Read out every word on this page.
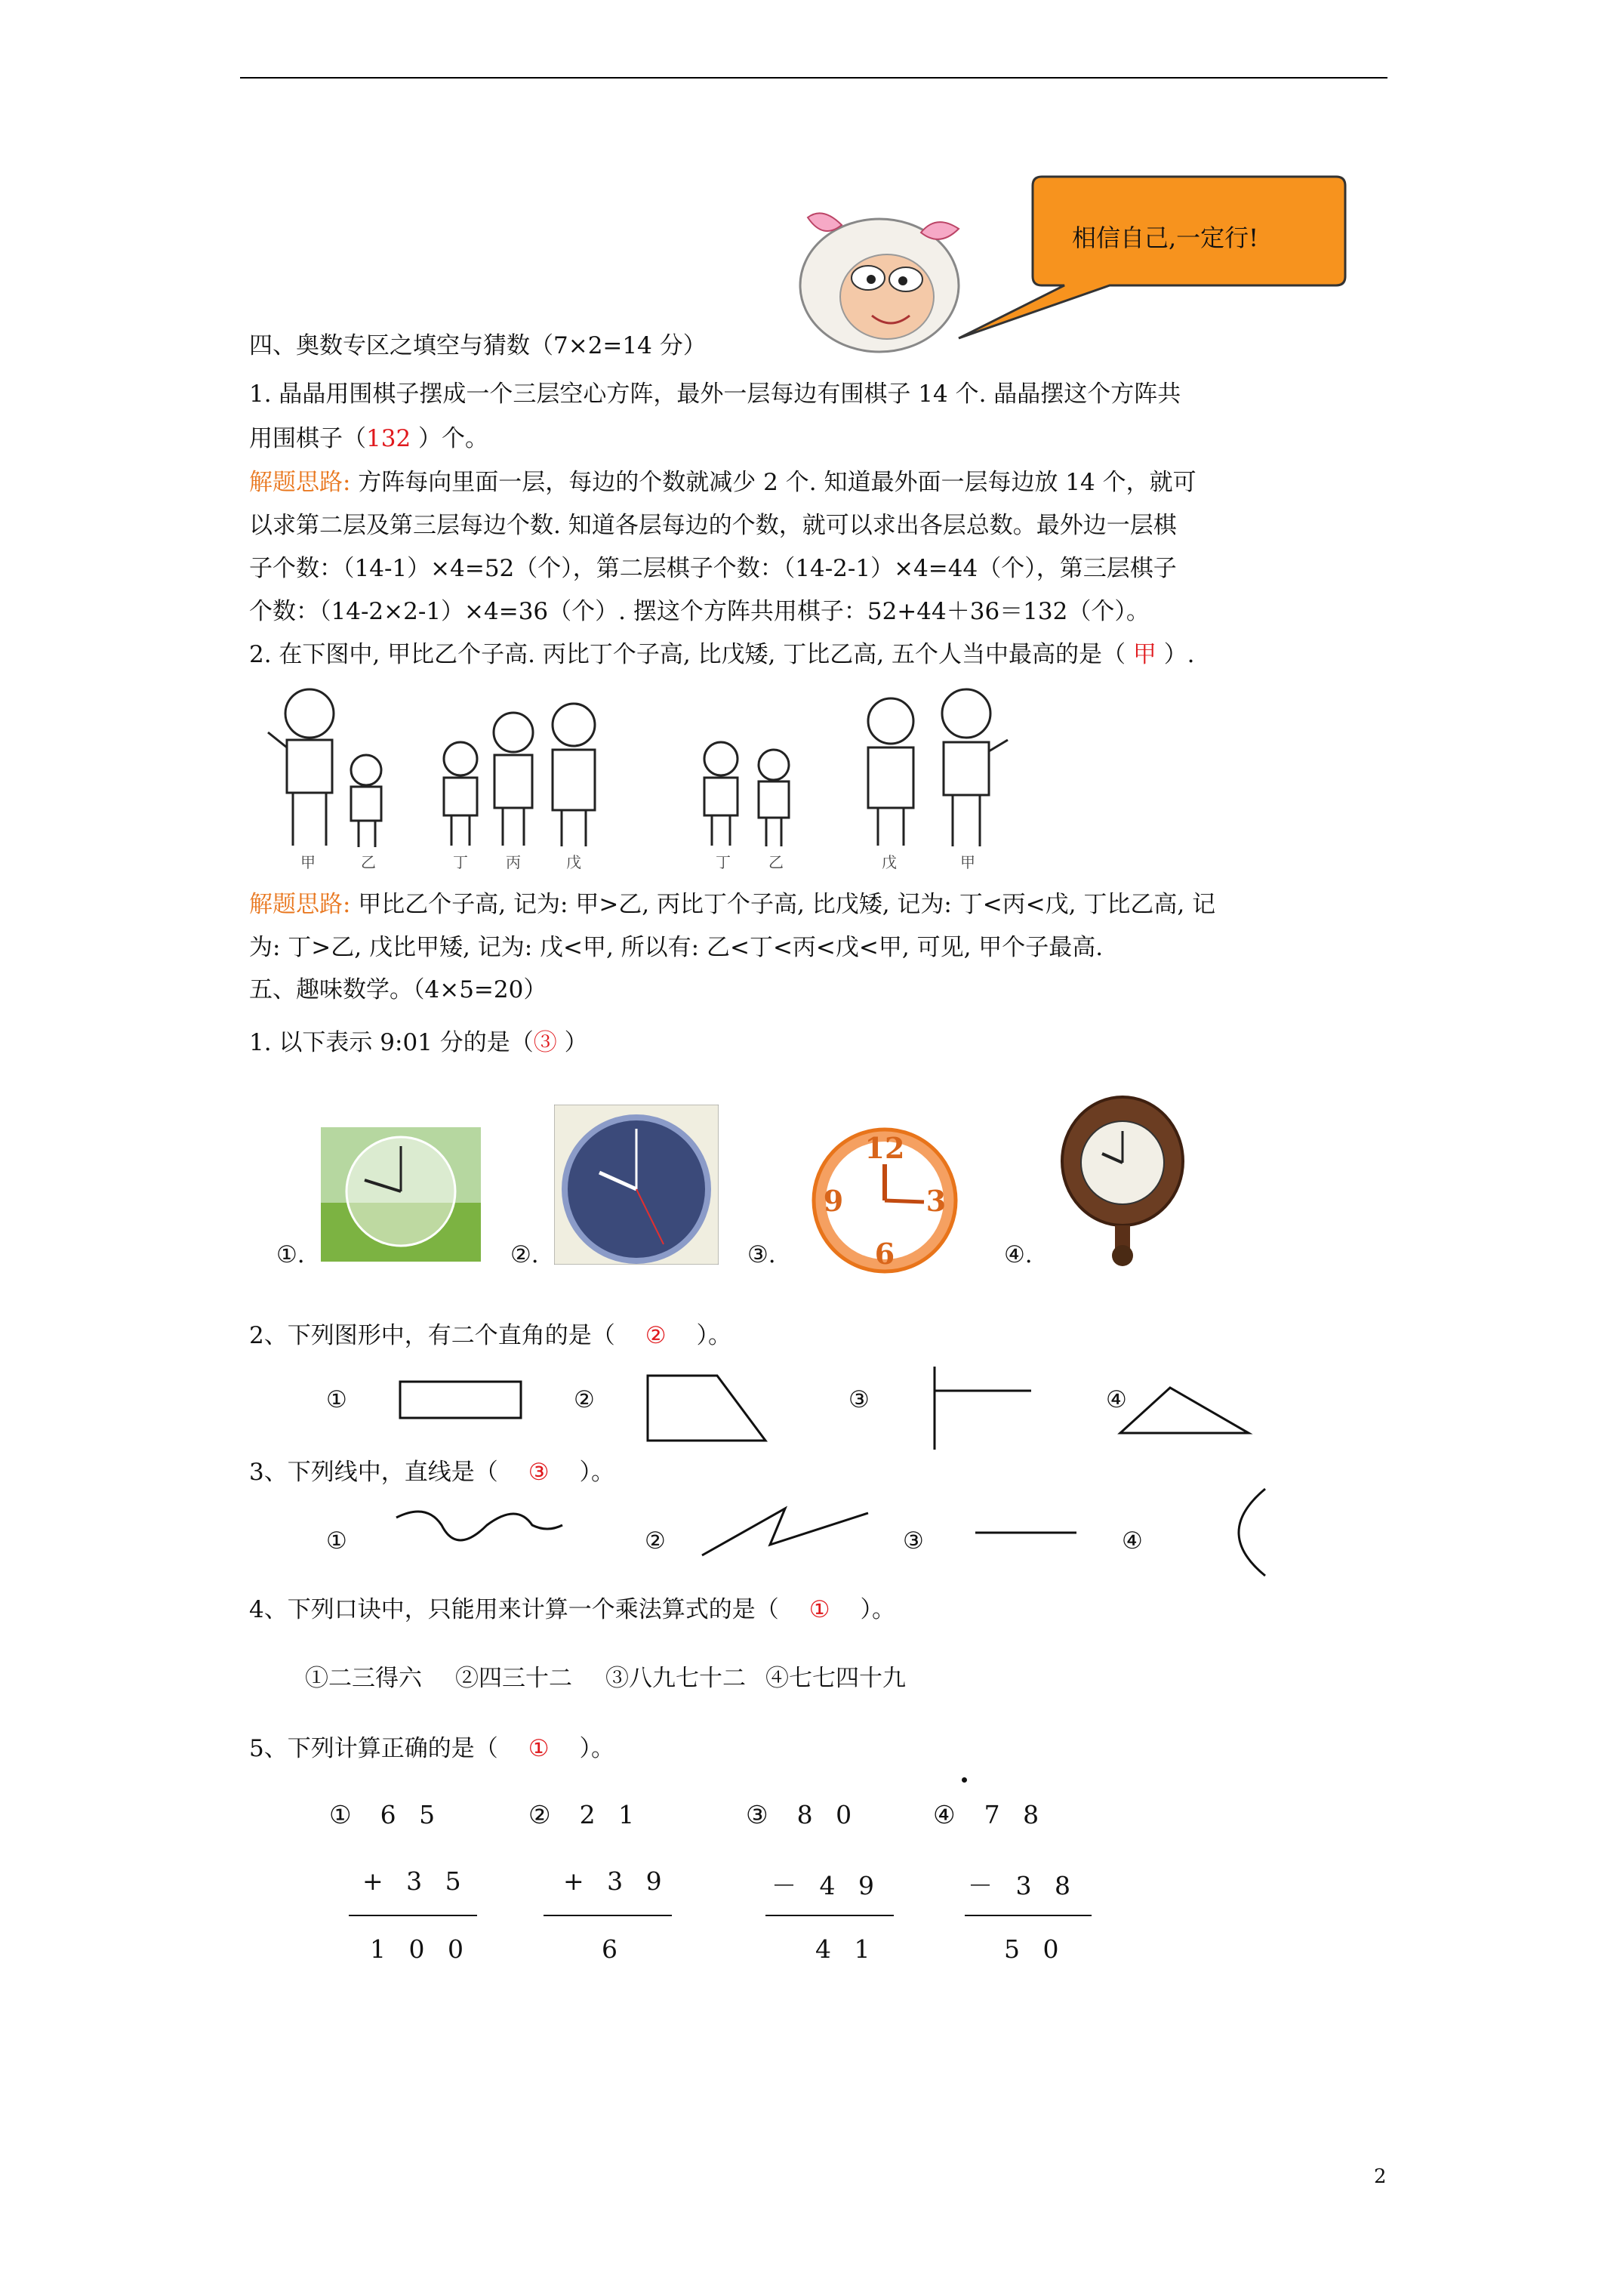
相信自己,一定行!
四、奥数专区之填空与猜数（7×2=14 分）
1. 晶晶用围棋子摆成一个三层空心方阵，最外一层每边有围棋子 14 个. 晶晶摆这个方阵共
用围棋子（132 ）个。
解题思路: 方阵每向里面一层，每边的个数就减少 2 个. 知道最外面一层每边放 14 个，就可
以求第二层及第三层每边个数. 知道各层每边的个数，就可以求出各层总数。最外边一层棋
子个数：（14-1）×4=52（个），第二层棋子个数：（14-2-1）×4=44（个），第三层棋子
个数：（14-2×2-1）×4=36（个）. 摆这个方阵共用棋子：52+44＋36＝132（个）。
2. 在下图中, 甲比乙个子高. 丙比丁个子高, 比戊矮, 丁比乙高, 五个人当中最高的是（ 甲 ）.
甲	乙	丁	丙	戊	丁	乙	戊	甲
解题思路: 甲比乙个子高, 记为: 甲>乙, 丙比丁个子高, 比戊矮, 记为: 丁<丙<戊, 丁比乙高, 记
为: 丁>乙, 戊比甲矮, 记为: 戊<甲, 所以有: 乙<丁<丙<戊<甲, 可见, 甲个子最高.
五、趣味数学。（4×5=20）
1. 以下表示 9:01 分的是（③ ）
①.	②.
12
9	3
6
③.	④.
2、下列图形中，有二个直角的是（ ② ）。
①	②	③	④
3、下列线中，直线是（ ③ ）。
①	②	③	④
4、下列口诀中，只能用来计算一个乘法算式的是（ ① ）。
①二三得六 ②四三十二 ③八九七十二 ④七七四十九
5、下列计算正确的是（ ① ）。
① 6 5
+ 3 5
1 0 0
② 2 1
+ 3 9
6
③ 8 0
－ 4 9
4 1
④ 7 8
－ 3 8
5 0
2
